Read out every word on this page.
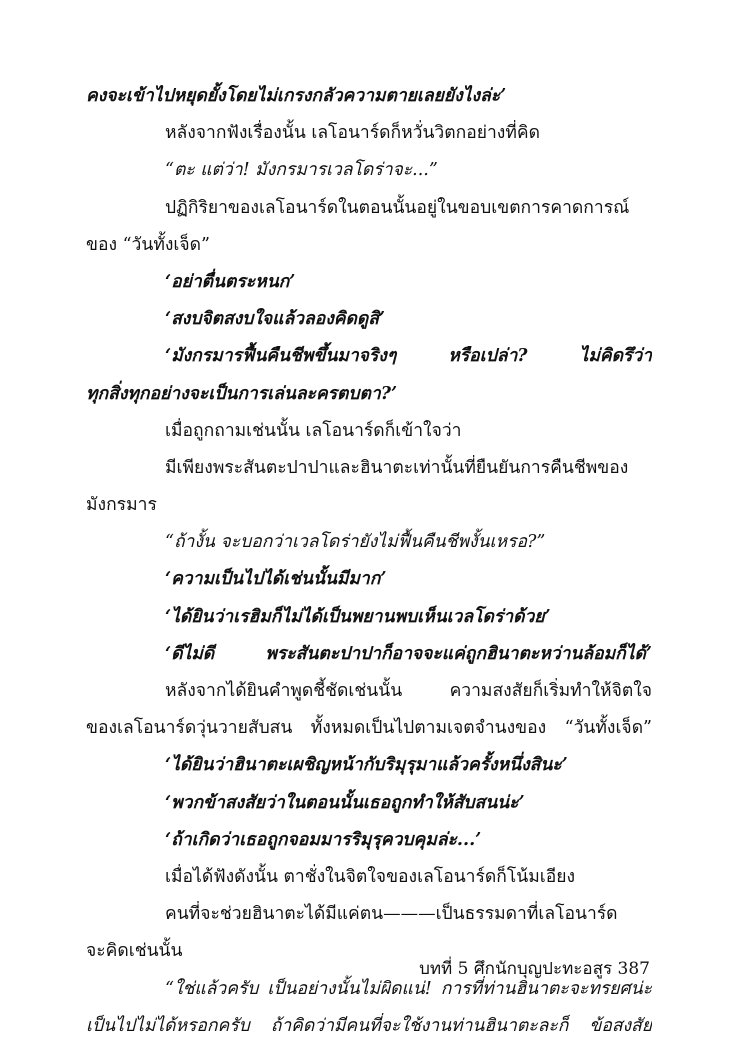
คงจะเข้าไปหยุดยั้งโดยไม่เกรงกลัวความตายเลยยังไงล่ะ’
หลังจากฟังเรื่องนั้น เลโอนาร์ดก็หวั่นวิตกอย่างที่คิด
“ตะ แต่ว่า! มังกรมารเวลโดร่าจะ...”
ปฏิกิริยาของเลโอนาร์ดในตอนนั้นอยู่ในขอบเขตการคาดการณ์
ของ “วันทั้งเจ็ด”
‘อย่าตื่นตระหนก’
‘สงบจิตสงบใจแล้วลองคิดดูสิ’
‘มังกรมารฟื้นคืนชีพขึ้นมาจริงๆ หรือเปล่า? ไม่คิดรึว่า
ทุกสิ่งทุกอย่างจะเป็นการเล่นละครตบตา?’
เมื่อถูกถามเช่นนั้น เลโอนาร์ดก็เข้าใจว่า
มีเพียงพระสันตะปาปาและฮินาตะเท่านั้นที่ยืนยันการคืนชีพของ
มังกรมาร
“ถ้างั้น จะบอกว่าเวลโดร่ายังไม่ฟื้นคืนชีพงั้นเหรอ?”
‘ความเป็นไปได้เช่นนั้นมีมาก’
‘ได้ยินว่าเรฮิมก็ไม่ได้เป็นพยานพบเห็นเวลโดร่าด้วย’
‘ดีไม่ดี พระสันตะปาปาก็อาจจะแค่ถูกฮินาตะหว่านล้อมก็ได้’
หลังจากได้ยินคำพูดชี้ชัดเช่นนั้น ความสงสัยก็เริ่มทำให้จิตใจ
ของเลโอนาร์ดวุ่นวายสับสน ทั้งหมดเป็นไปตามเจตจำนงของ “วันทั้งเจ็ด”
‘ได้ยินว่าฮินาตะเผชิญหน้ากับริมุรุมาแล้วครั้งหนึ่งสินะ’
‘พวกข้าสงสัยว่าในตอนนั้นเธอถูกทำให้สับสนน่ะ’
‘ถ้าเกิดว่าเธอถูกจอมมารริมุรุควบคุมล่ะ...’
เมื่อได้ฟังดังนั้น ตาชั่งในจิตใจของเลโอนาร์ดก็โน้มเอียง
คนที่จะช่วยฮินาตะได้มีแค่ตน———เป็นธรรมดาที่เลโอนาร์ด
จะคิดเช่นนั้น
“ใช่แล้วครับ เป็นอย่างนั้นไม่ผิดแน่! การที่ท่านฮินาตะจะทรยศน่ะ
เป็นไปไม่ได้หรอกครับ ถ้าคิดว่ามีคนที่จะใช้งานท่านฮินาตะละก็ ข้อสงสัย
บทที่ 5 ศึกนักบุญปะทะอสูร 387
